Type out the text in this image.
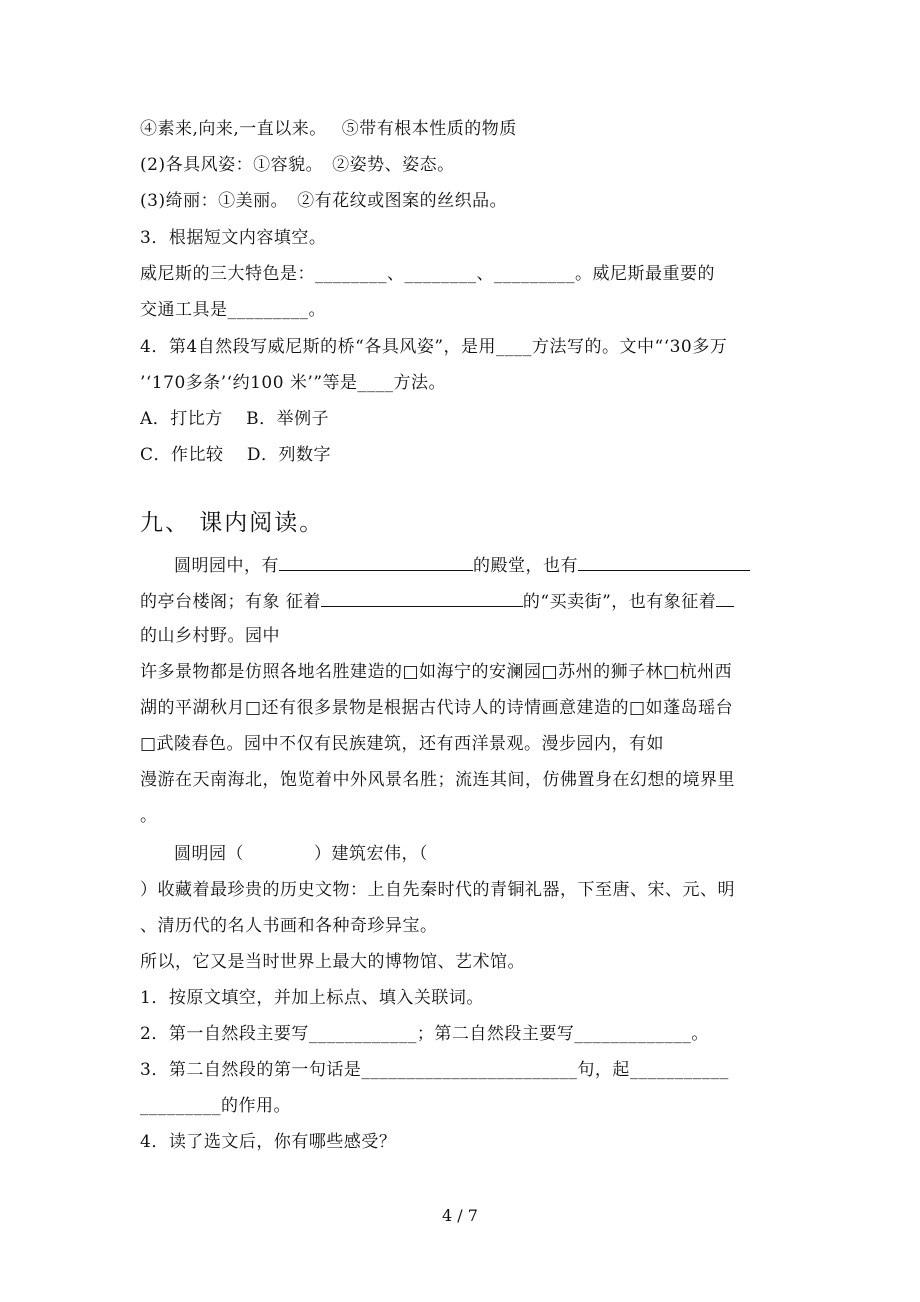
④素来,向来,一直以来。　 ⑤带有根本性质的物质

(2)各具风姿：①容貌。　②姿势、姿态。

(3)绮丽：①美丽。　②有花纹或图案的丝织品。

3．根据短文内容填空。

威尼斯的三大特色是：________、________、_________。威尼斯最重要的

交通工具是_________。

4．第4自然段写威尼斯的桥“各具风姿”，是用____方法写的。文中“‘30多万

’‘170多条’‘约100 米’”等是____方法。

A．打比方　 B．举例子

C．作比较　 D．列数字

九、 课内阅读。

圆明园中，有	的殿堂，也有

的亭台楼阁；有象 征着	的“买卖街”，也有象征着

的山乡村野。园中

许多景物都是仿照各地名胜建造的□如海宁的安澜园□苏州的狮子林□杭州西

湖的平湖秋月□还有很多景物是根据古代诗人的诗情画意建造的□如蓬岛瑶台

□武陵春色。园中不仅有民族建筑，还有西洋景观。漫步园内，有如

漫游在天南海北，饱览着中外风景名胜；流连其间，仿佛置身在幻想的境界里

。

圆明园（　　　　）建筑宏伟，（

）收藏着最珍贵的历史文物：上自先秦时代的青铜礼器，下至唐、宋、元、明

、清历代的名人书画和各种奇珍异宝。

所以，它又是当时世界上最大的博物馆、艺术馆。

1．按原文填空，并加上标点、填入关联词。

2．第一自然段主要写____________；第二自然段主要写_____________。

3．第二自然段的第一句话是________________________句，起___________

_________的作用。

4．读了选文后，你有哪些感受？

4 / 7
